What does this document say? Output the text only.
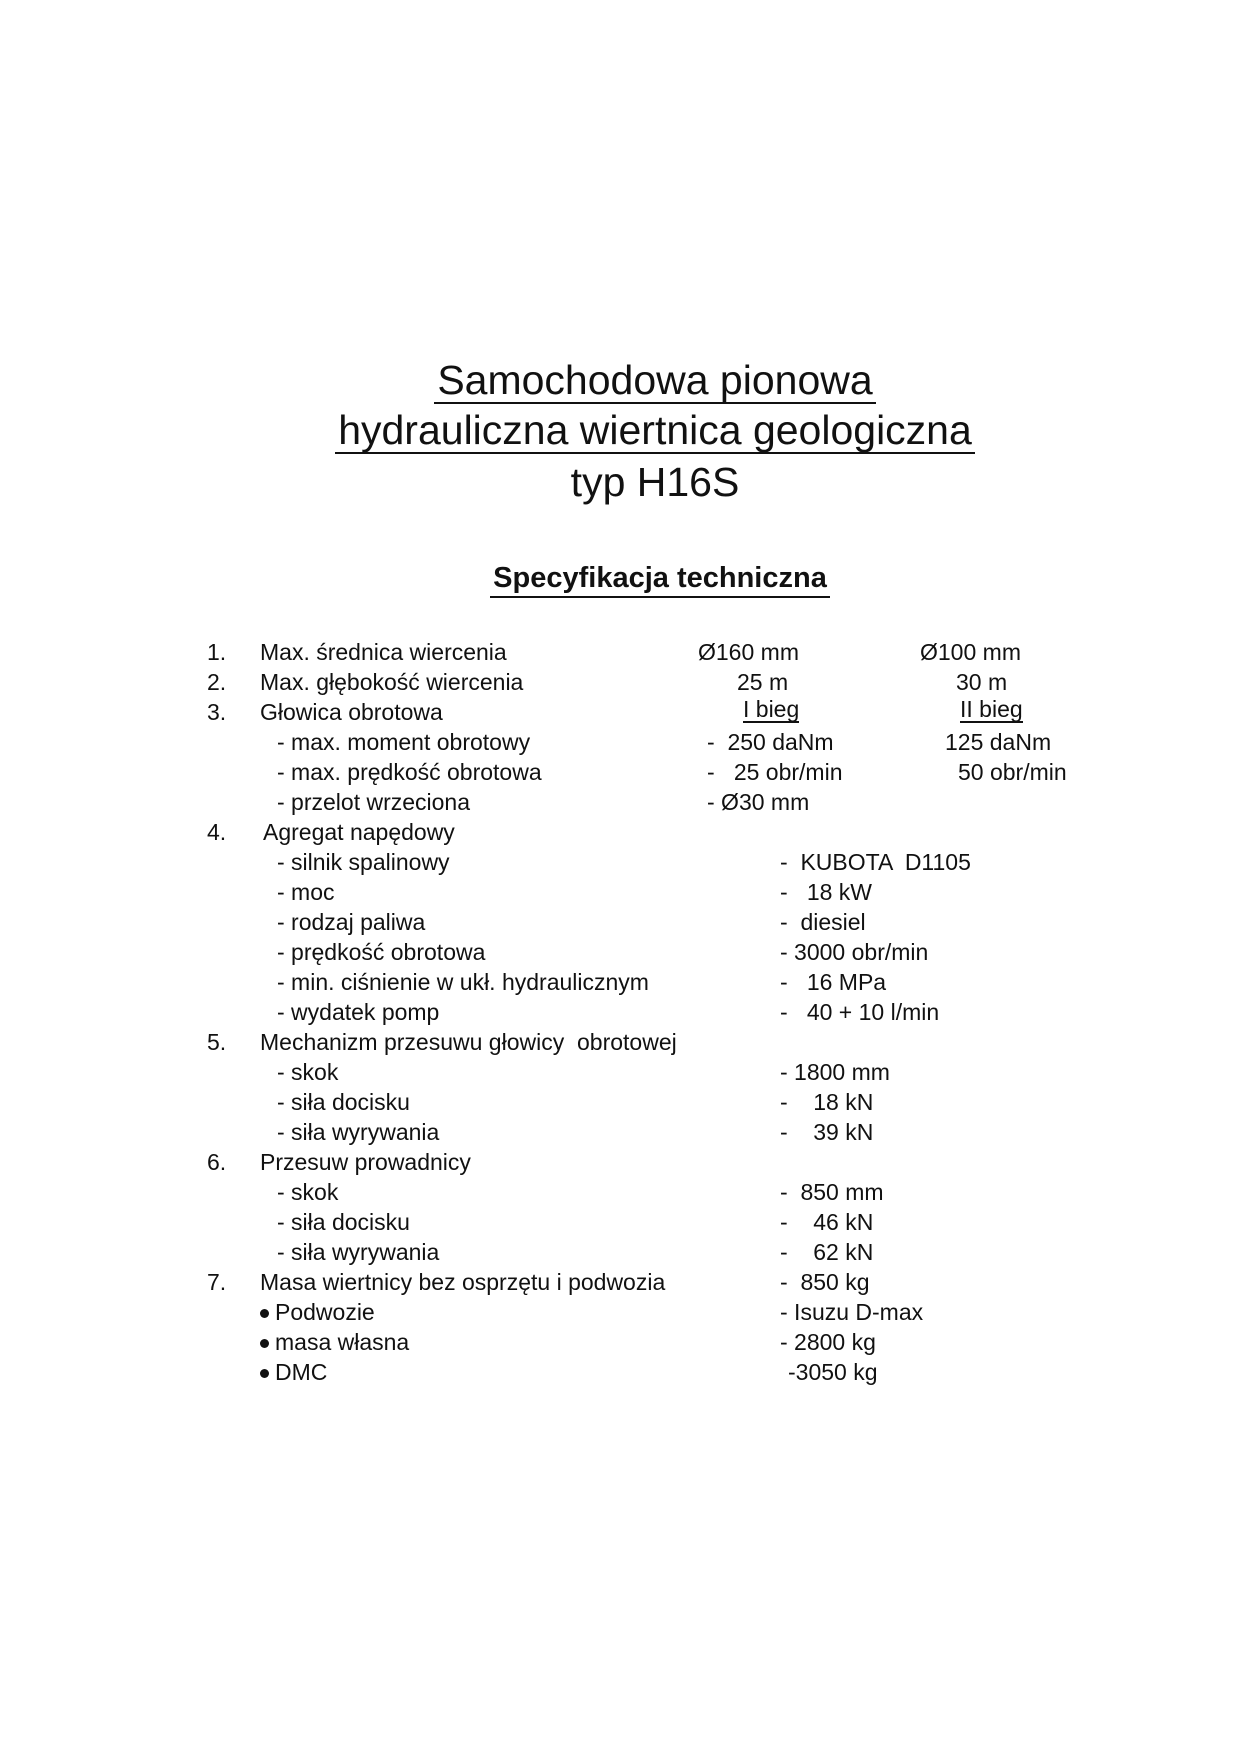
Samochodowa pionowa
hydrauliczna wiertnica geologiczna
typ H16S
Specyfikacja techniczna
1. Max. średnica wiercenia	Ø160 mm	Ø100 mm
2. Max. głębokość wiercenia	25 m	30 m
3. Głowica obrotowa	I bieg	II bieg
- max. moment obrotowy	-  250 daNm	125 daNm
- max. prędkość obrotowa	-   25 obr/min	50 obr/min
- przelot wrzeciona	- Ø30 mm
4. Agregat napędowy
- silnik spalinowy	-  KUBOTA  D1105
- moc	-   18 kW
- rodzaj paliwa	-  diesiel
- prędkość obrotowa	- 3000 obr/min
- min. ciśnienie w ukł. hydraulicznym	-   16 MPa
- wydatek pomp	-   40 + 10 l/min
5. Mechanizm przesuwu głowicy  obrotowej
- skok	- 1800 mm
- siła docisku	-    18 kN
- siła wyrywania	-    39 kN
6. Przesuw prowadnicy
- skok	-  850 mm
- siła docisku	-    46 kN
- siła wyrywania	-    62 kN
7. Masa wiertnicy bez osprzętu i podwozia	-  850 kg
Podwozie	- Isuzu D-max
masa własna	- 2800 kg
DMC	-3050 kg
